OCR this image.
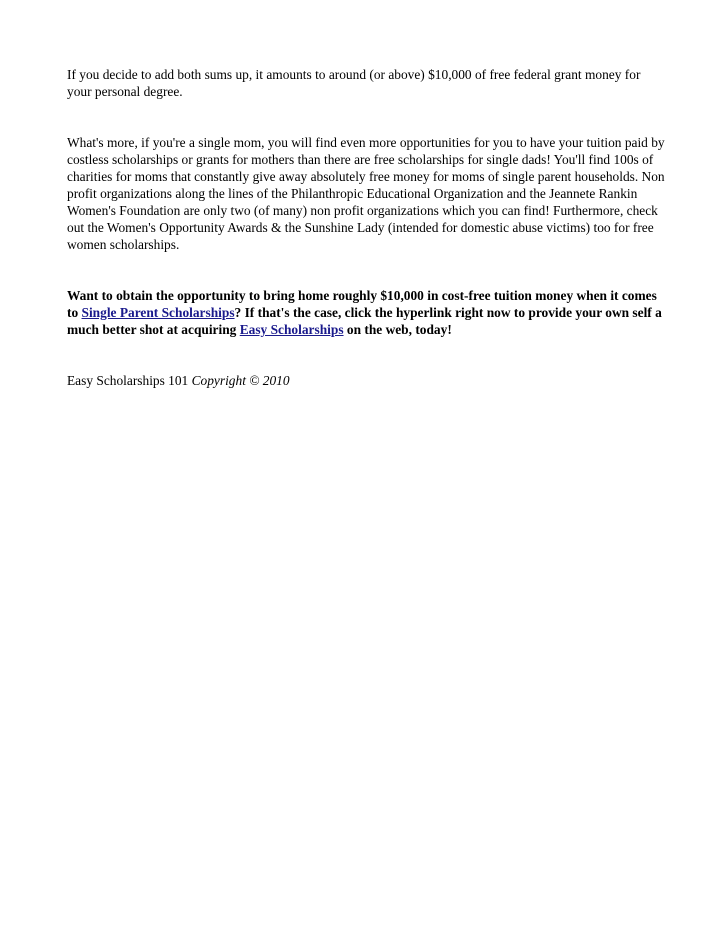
If you decide to add both sums up, it amounts to around (or above) $10,000 of free federal grant money for your personal degree.

What's more, if you're a single mom, you will find even more opportunities for you to have your tuition paid by costless scholarships or grants for mothers than there are free scholarships for single dads! You'll find 100s of charities for moms that constantly give away absolutely free money for moms of single parent households. Non profit organizations along the lines of the Philanthropic Educational Organization and the Jeannete Rankin Women's Foundation are only two (of many) non profit organizations which you can find! Furthermore, check out the Women's Opportunity Awards & the Sunshine Lady (intended for domestic abuse victims) too for free women scholarships.

Want to obtain the opportunity to bring home roughly $10,000 in cost-free tuition money when it comes to Single Parent Scholarships? If that's the case, click the hyperlink right now to provide your own self a much better shot at acquiring Easy Scholarships on the web, today!

Easy Scholarships 101 Copyright © 2010
